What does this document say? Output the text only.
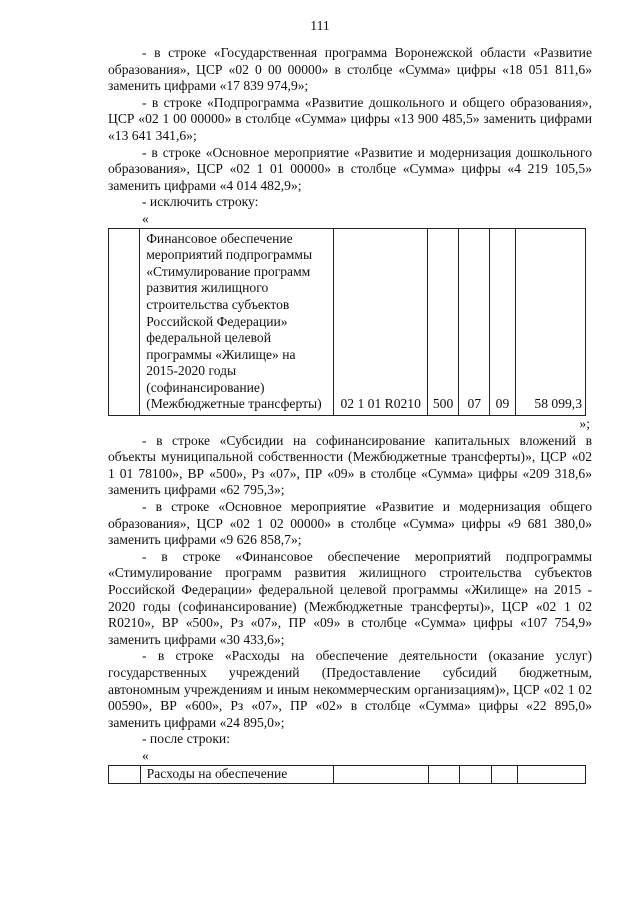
111

- в строке «Государственная программа Воронежской области «Развитие образования», ЦСР «02 0 00 00000» в столбце «Сумма» цифры «18 051 811,6» заменить цифрами «17 839 974,9»;

- в строке «Подпрограмма «Развитие дошкольного и общего образования», ЦСР «02 1 00 00000» в столбце «Сумма» цифры «13 900 485,5» заменить цифрами «13 641 341,6»;

- в строке «Основное мероприятие «Развитие и модернизация дошкольного образования», ЦСР «02 1 01 00000» в столбце «Сумма» цифры «4 219 105,5» заменить цифрами «4 014 482,9»;

- исключить строку:

«

	Финансовое обеспечение мероприятий подпрограммы «Стимулирование программ развития жилищного строительства субъектов Российской Федерации» федеральной целевой программы «Жилище» на 2015-2020 годы (софинансирование) (Межбюджетные трансферты)	02 1 01 R0210	500	07	09	58 099,3

»;

- в строке «Субсидии на софинансирование капитальных вложений в объекты муниципальной собственности (Межбюджетные трансферты)», ЦСР «02 1 01 78100», ВР «500», Рз «07», ПР «09» в столбце «Сумма» цифры «209 318,6» заменить цифрами «62 795,3»;

- в строке «Основное мероприятие «Развитие и модернизация общего образования», ЦСР «02 1 02 00000» в столбце «Сумма» цифры «9 681 380,0» заменить цифрами «9 626 858,7»;

- в строке «Финансовое обеспечение мероприятий подпрограммы «Стимулирование программ развития жилищного строительства субъектов Российской Федерации» федеральной целевой программы «Жилище» на 2015 - 2020 годы (софинансирование) (Межбюджетные трансферты)», ЦСР «02 1 02 R0210», ВР «500», Рз «07», ПР «09» в столбце «Сумма» цифры «107 754,9» заменить цифрами «30 433,6»;

- в строке «Расходы на обеспечение деятельности (оказание услуг) государственных учреждений (Предоставление субсидий бюджетным, автономным учреждениям и иным некоммерческим организациям)», ЦСР «02 1 02 00590», ВР «600», Рз «07», ПР «02» в столбце «Сумма» цифры «22 895,0» заменить цифрами «24 895,0»;

- после строки:

«

	Расходы на обеспечение					
